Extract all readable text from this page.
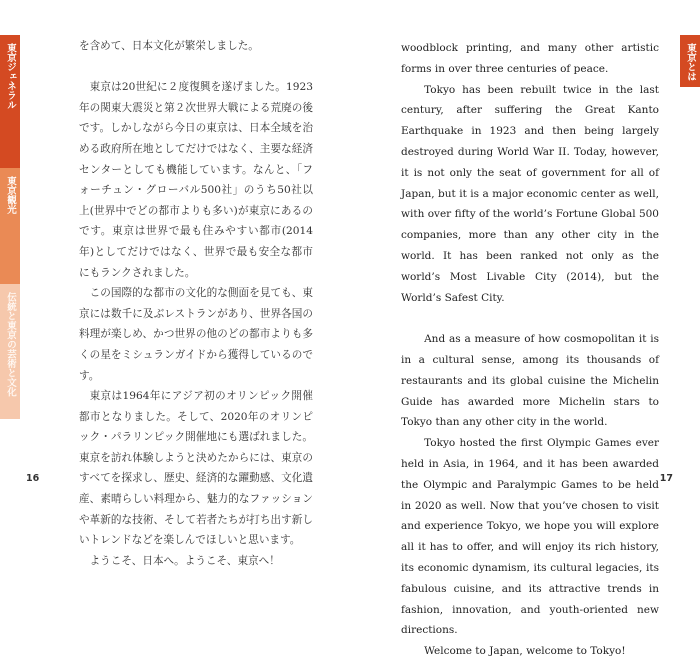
東京ジェネラル
東京観光
伝統と東京の芸術と文化
東京とは

を含めて、日本文化が繁栄しました。

東京は20世紀に２度復興を遂げました。1923年の関東大震災と第２次世界大戦による荒廃の後です。しかしながら今日の東京は、日本全域を治める政府所在地としてだけではなく、主要な経済センターとしても機能しています。なんと、「フォーチュン・グローバル500社」のうち50社以上(世界中でどの都市よりも多い)が東京にあるのです。東京は世界で最も住みやすい都市(2014年)としてだけではなく、世界で最も安全な都市にもランクされました。

この国際的な都市の文化的な側面を見ても、東京には数千に及ぶレストランがあり、世界各国の料理が楽しめ、かつ世界の他のどの都市よりも多くの星をミシュランガイドから獲得しているのです。

東京は1964年にアジア初のオリンピック開催都市となりました。そして、2020年のオリンピック・パラリンピック開催地にも選ばれました。東京を訪れ体験しようと決めたからには、東京のすべてを探求し、歴史、経済的な躍動感、文化遺産、素晴らしい料理から、魅力的なファッションや革新的な技術、そして若者たちが打ち出す新しいトレンドなどを楽しんでほしいと思います。

ようこそ、日本へ。ようこそ、東京へ！

woodblock printing, and many other artistic forms in over three centuries of peace.

Tokyo has been rebuilt twice in the last century, after suffering the Great Kanto Earthquake in 1923 and then being largely destroyed during World War II. Today, however, it is not only the seat of government for all of Japan, but it is a major economic center as well, with over fifty of the world’s Fortune Global 500 companies, more than any other city in the world. It has been ranked not only as the world’s Most Livable City (2014), but the World’s Safest City.

And as a measure of how cosmopolitan it is in a cultural sense, among its thousands of restaurants and its global cuisine the Michelin Guide has awarded more Michelin stars to Tokyo than any other city in the world.

Tokyo hosted the first Olympic Games ever held in Asia, in 1964, and it has been awarded the Olympic and Paralympic Games to be held in 2020 as well. Now that you’ve chosen to visit and experience Tokyo, we hope you will explore all it has to offer, and will enjoy its rich history, its economic dynamism, its cultural legacies, its fabulous cuisine, and its attractive trends in fashion, innovation, and youth-oriented new directions.

Welcome to Japan, welcome to Tokyo!

16	17
